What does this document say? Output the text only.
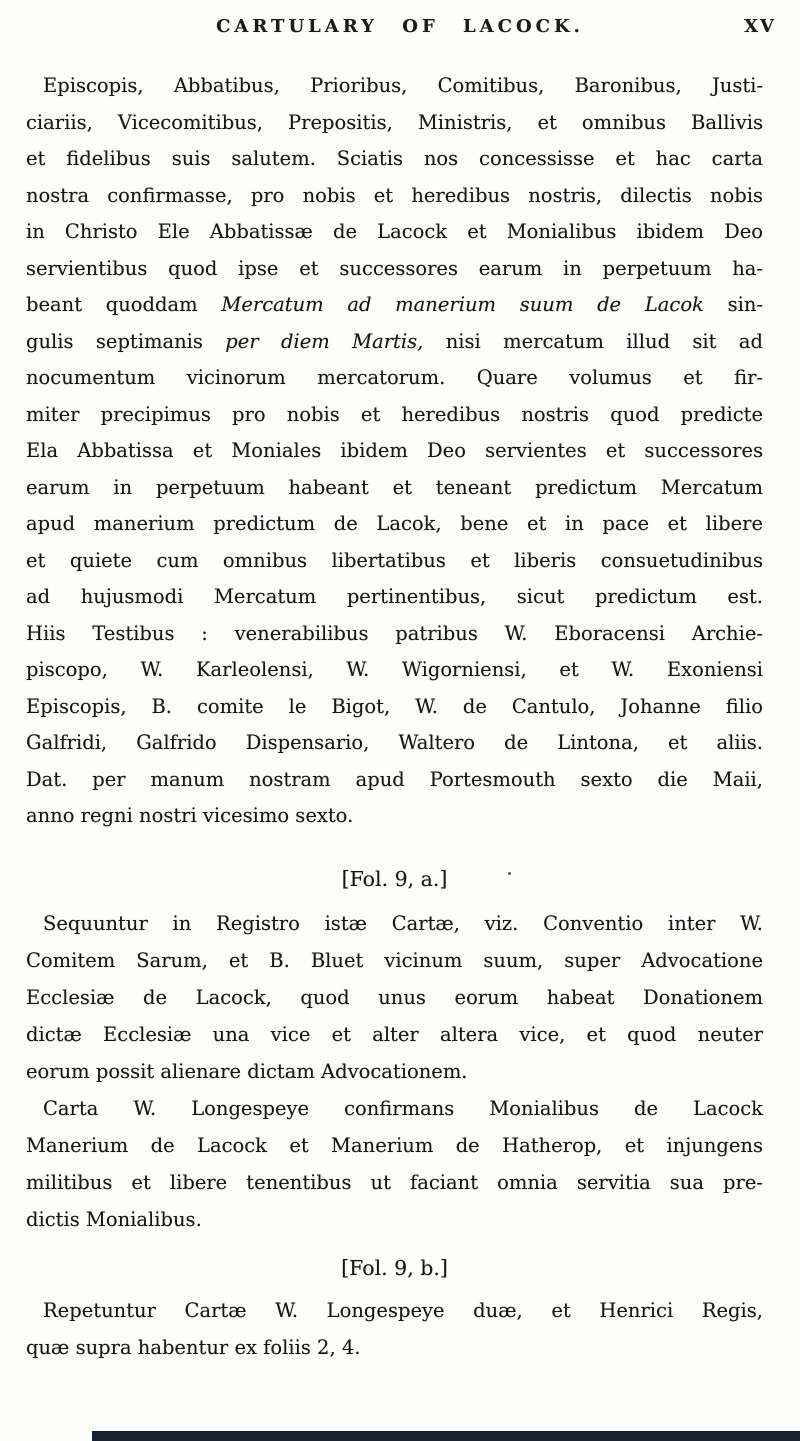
CARTULARY OF LACOCK.	XV
Episcopis, Abbatibus, Prioribus, Comitibus, Baronibus, Justi-
ciariis, Vicecomitibus, Prepositis, Ministris, et omnibus Ballivis
et fidelibus suis salutem. Sciatis nos concessisse et hac carta
nostra confirmasse, pro nobis et heredibus nostris, dilectis nobis
in Christo Ele Abbatissæ de Lacock et Monialibus ibidem Deo
servientibus quod ipse et successores earum in perpetuum ha-
beant quoddam Mercatum ad manerium suum de Lacok sin-
gulis septimanis per diem Martis, nisi mercatum illud sit ad
nocumentum vicinorum mercatorum. Quare volumus et fir-
miter precipimus pro nobis et heredibus nostris quod predicte
Ela Abbatissa et Moniales ibidem Deo servientes et successores
earum in perpetuum habeant et teneant predictum Mercatum
apud manerium predictum de Lacok, bene et in pace et libere
et quiete cum omnibus libertatibus et liberis consuetudinibus
ad hujusmodi Mercatum pertinentibus, sicut predictum est.
Hiis Testibus : venerabilibus patribus W. Eboracensi Archie-
piscopo, W. Karleolensi, W. Wigorniensi, et W. Exoniensi
Episcopis, B. comite le Bigot, W. de Cantulo, Johanne filio
Galfridi, Galfrido Dispensario, Waltero de Lintona, et aliis.
Dat. per manum nostram apud Portesmouth sexto die Maii,
anno regni nostri vicesimo sexto.
[Fol. 9, a.]
Sequuntur in Registro istæ Cartæ, viz. Conventio inter W.
Comitem Sarum, et B. Bluet vicinum suum, super Advocatione
Ecclesiæ de Lacock, quod unus eorum habeat Donationem
dictæ Ecclesiæ una vice et alter altera vice, et quod neuter
eorum possit alienare dictam Advocationem.
Carta W. Longespeye confirmans Monialibus de Lacock
Manerium de Lacock et Manerium de Hatherop, et injungens
militibus et libere tenentibus ut faciant omnia servitia sua pre-
dictis Monialibus.
[Fol. 9, b.]
Repetuntur Cartæ W. Longespeye duæ, et Henrici Regis,
quæ supra habentur ex foliis 2, 4.
